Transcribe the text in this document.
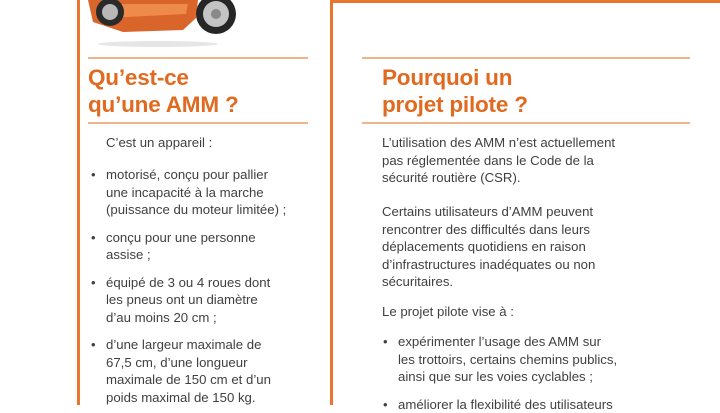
Qu’est-ce
qu’une AMM ?
C’est un appareil :
• motorisé, conçu pour pallier
une incapacité à la marche
(puissance du moteur limitée) ;
• conçu pour une personne
assise ;
• équipé de 3 ou 4 roues dont
les pneus ont un diamètre
d’au moins 20 cm ;
• d’une largeur maximale de
67,5 cm, d’une longueur
maximale de 150 cm et d’un
poids maximal de 150 kg.
Pourquoi un
projet pilote ?
L’utilisation des AMM n’est actuellement
pas réglementée dans le Code de la
sécurité routière (CSR).
Certains utilisateurs d’AMM peuvent
rencontrer des difficultés dans leurs
déplacements quotidiens en raison
d’infrastructures inadéquates ou non
sécuritaires.
Le projet pilote vise à :
• expérimenter l’usage des AMM sur
les trottoirs, certains chemins publics,
ainsi que sur les voies cyclables ;
• améliorer la flexibilité des utilisateurs
